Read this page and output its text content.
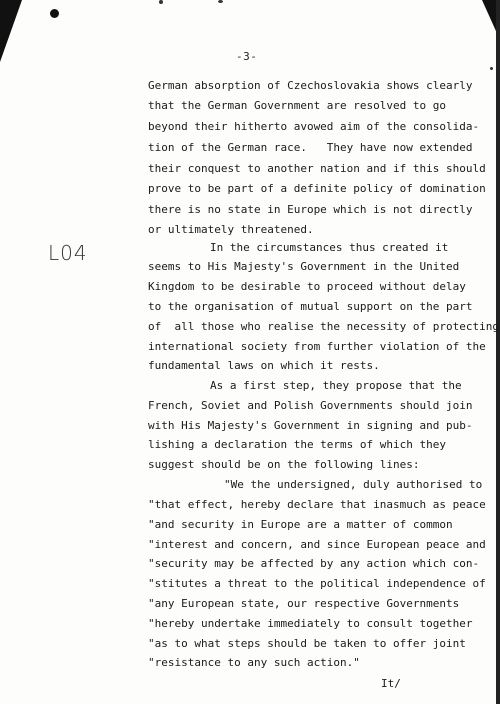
-3-
L04
German absorption of Czechoslovakia shows clearly
that the German Government are resolved to go
beyond their hitherto avowed aim of the consolida-
tion of the German race.   They have now extended
their conquest to another nation and if this should
prove to be part of a definite policy of domination
there is no state in Europe which is not directly
or ultimately threatened.
In the circumstances thus created it
seems to His Majesty's Government in the United
Kingdom to be desirable to proceed without delay
to the organisation of mutual support on the part
of  all those who realise the necessity of protecting
international society from further violation of the
fundamental laws on which it rests.
As a first step, they propose that the
French, Soviet and Polish Governments should join
with His Majesty's Government in signing and pub-
lishing a declaration the terms of which they
suggest should be on the following lines:
"We the undersigned, duly authorised to
"that effect, hereby declare that inasmuch as peace
"and security in Europe are a matter of common
"interest and concern, and since European peace and
"security may be affected by any action which con-
"stitutes a threat to the political independence of
"any European state, our respective Governments
"hereby undertake immediately to consult together
"as to what steps should be taken to offer joint
"resistance to any such action."
It/
